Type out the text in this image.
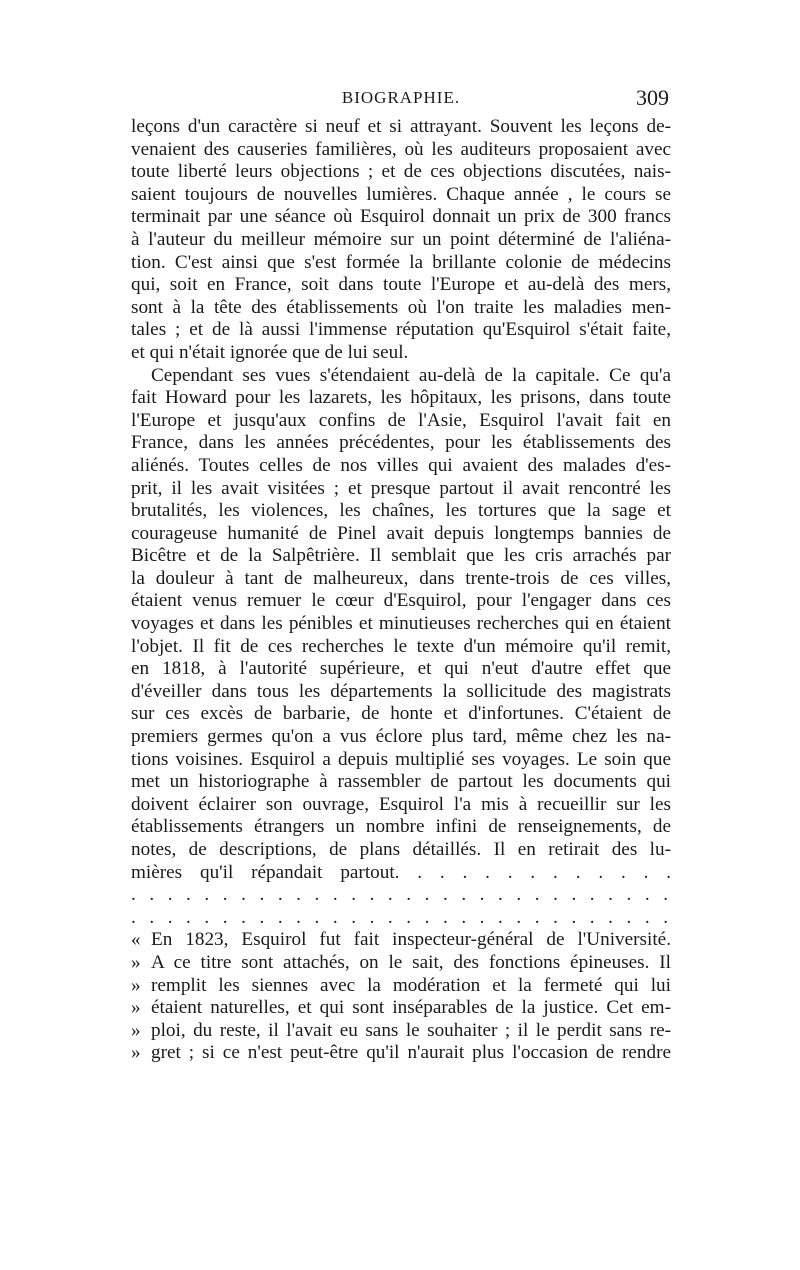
BIOGRAPHIE.	309

leçons d'un caractère si neuf et si attrayant. Souvent les leçons de-

venaient des causeries familières, où les auditeurs proposaient avec

toute liberté leurs objections ; et de ces objections discutées, nais-

saient toujours de nouvelles lumières. Chaque année , le cours se

terminait par une séance où Esquirol donnait un prix de 300 francs

à l'auteur du meilleur mémoire sur un point déterminé de l'aliéna-

tion. C'est ainsi que s'est formée la brillante colonie de médecins

qui, soit en France, soit dans toute l'Europe et au-delà des mers,

sont à la tête des établissements où l'on traite les maladies men-

tales ; et de là aussi l'immense réputation qu'Esquirol s'était faite,

et qui n'était ignorée que de lui seul.

Cependant ses vues s'étendaient au-delà de la capitale. Ce qu'a

fait Howard pour les lazarets, les hôpitaux, les prisons, dans toute

l'Europe et jusqu'aux confins de l'Asie, Esquirol l'avait fait en

France, dans les années précédentes, pour les établissements des

aliénés. Toutes celles de nos villes qui avaient des malades d'es-

prit, il les avait visitées ; et presque partout il avait rencontré les

brutalités, les violences, les chaînes, les tortures que la sage et

courageuse humanité de Pinel avait depuis longtemps bannies de

Bicêtre et de la Salpêtrière. Il semblait que les cris arrachés par

la douleur à tant de malheureux, dans trente-trois de ces villes,

étaient venus remuer le cœur d'Esquirol, pour l'engager dans ces

voyages et dans les pénibles et minutieuses recherches qui en étaient

l'objet. Il fit de ces recherches le texte d'un mémoire qu'il remit,

en 1818, à l'autorité supérieure, et qui n'eut d'autre effet que

d'éveiller dans tous les départements la sollicitude des magistrats

sur ces excès de barbarie, de honte et d'infortunes. C'étaient de

premiers germes qu'on a vus éclore plus tard, même chez les na-

tions voisines. Esquirol a depuis multiplié ses voyages. Le soin que

met un historiographe à rassembler de partout les documents qui

doivent éclairer son ouvrage, Esquirol l'a mis à recueillir sur les

établissements étrangers un nombre infini de renseignements, de

notes, de descriptions, de plans détaillés. Il en retirait des lu-

mières qu'il répandait partout. . . . . . . . . . . . .

. . . . . . . . . . . . . . . . . . . . . . . . . . . . . .

. . . . . . . . . . . . . . . . . . . . . . . . . . . . . .

« En 1823, Esquirol fut fait inspecteur-général de l'Université.
» A ce titre sont attachés, on le sait, des fonctions épineuses. Il
» remplit les siennes avec la modération et la fermeté qui lui
» étaient naturelles, et qui sont inséparables de la justice. Cet em-
» ploi, du reste, il l'avait eu sans le souhaiter ; il le perdit sans re-
» gret ; si ce n'est peut-être qu'il n'aurait plus l'occasion de rendre
